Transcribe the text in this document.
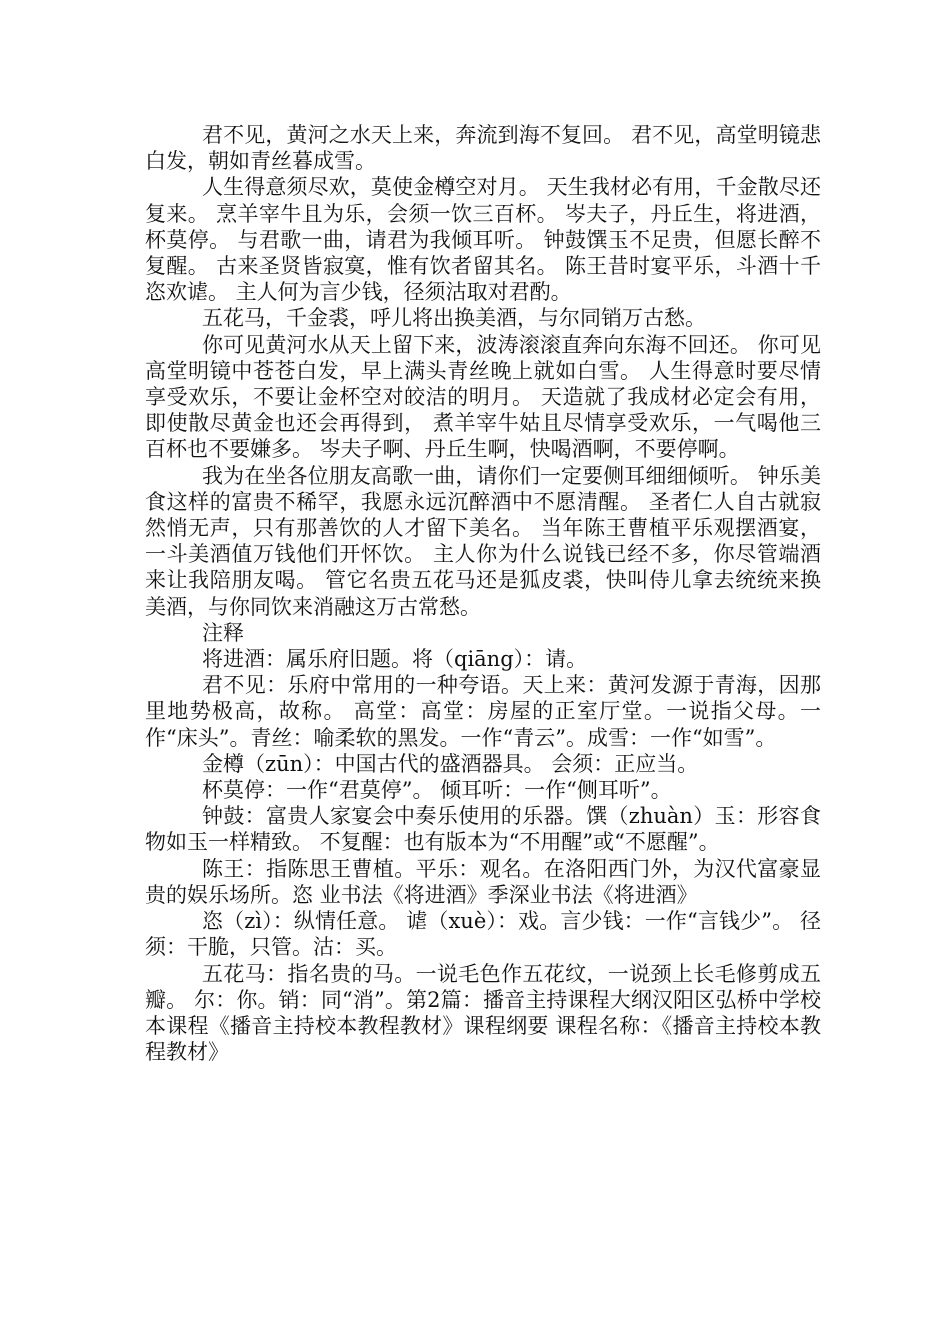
君不见，黄河之水天上来，奔流到海不复回。 君不见，高堂明镜悲白发，朝如青丝暮成雪。

人生得意须尽欢，莫使金樽空对月。 天生我材必有用，千金散尽还复来。 烹羊宰牛且为乐，会须一饮三百杯。 岑夫子，丹丘生，将进酒，杯莫停。 与君歌一曲，请君为我倾耳听。 钟鼓馔玉不足贵，但愿长醉不复醒。 古来圣贤皆寂寞，惟有饮者留其名。 陈王昔时宴平乐，斗酒十千恣欢谑。 主人何为言少钱，径须沽取对君酌。

五花马，千金裘，呼儿将出换美酒，与尔同销万古愁。

你可见黄河水从天上留下来，波涛滚滚直奔向东海不回还。 你可见高堂明镜中苍苍白发，早上满头青丝晚上就如白雪。 人生得意时要尽情享受欢乐，不要让金杯空对皎洁的明月。 天造就了我成材必定会有用，即使散尽黄金也还会再得到， 煮羊宰牛姑且尽情享受欢乐，一气喝他三百杯也不要嫌多。 岑夫子啊、丹丘生啊，快喝酒啊，不要停啊。

我为在坐各位朋友高歌一曲，请你们一定要侧耳细细倾听。 钟乐美食这样的富贵不稀罕，我愿永远沉醉酒中不愿清醒。 圣者仁人自古就寂然悄无声，只有那善饮的人才留下美名。 当年陈王曹植平乐观摆酒宴，一斗美酒值万钱他们开怀饮。 主人你为什么说钱已经不多，你尽管端酒来让我陪朋友喝。 管它名贵五花马还是狐皮裘，快叫侍儿拿去统统来换美酒，与你同饮来消融这万古常愁。

注释

将进酒：属乐府旧题。将（qiāng）：请。

君不见：乐府中常用的一种夸语。天上来：黄河发源于青海，因那里地势极高，故称。 高堂：高堂：房屋的正室厅堂。一说指父母。一作“床头”。青丝：喻柔软的黑发。一作“青云”。成雪：一作“如雪”。

金樽（zūn）：中国古代的盛酒器具。 会须：正应当。

杯莫停：一作“君莫停”。 倾耳听：一作“侧耳听”。

钟鼓：富贵人家宴会中奏乐使用的乐器。馔（zhuàn）玉：形容食物如玉一样精致。 不复醒：也有版本为“不用醒”或“不愿醒”。

陈王：指陈思王曹植。平乐：观名。在洛阳西门外，为汉代富豪显贵的娱乐场所。恣 业书法《将进酒》季深业书法《将进酒》

恣（zì）：纵情任意。 谑（xuè）：戏。言少钱：一作“言钱少”。 径须：干脆，只管。沽：买。

五花马：指名贵的马。一说毛色作五花纹，一说颈上长毛修剪成五瓣。 尔：你。销：同“消”。第2篇：播音主持课程大纲汉阳区弘桥中学校本课程《播音主持校本教程教材》课程纲要 课程名称：《播音主持校本教程教材》
